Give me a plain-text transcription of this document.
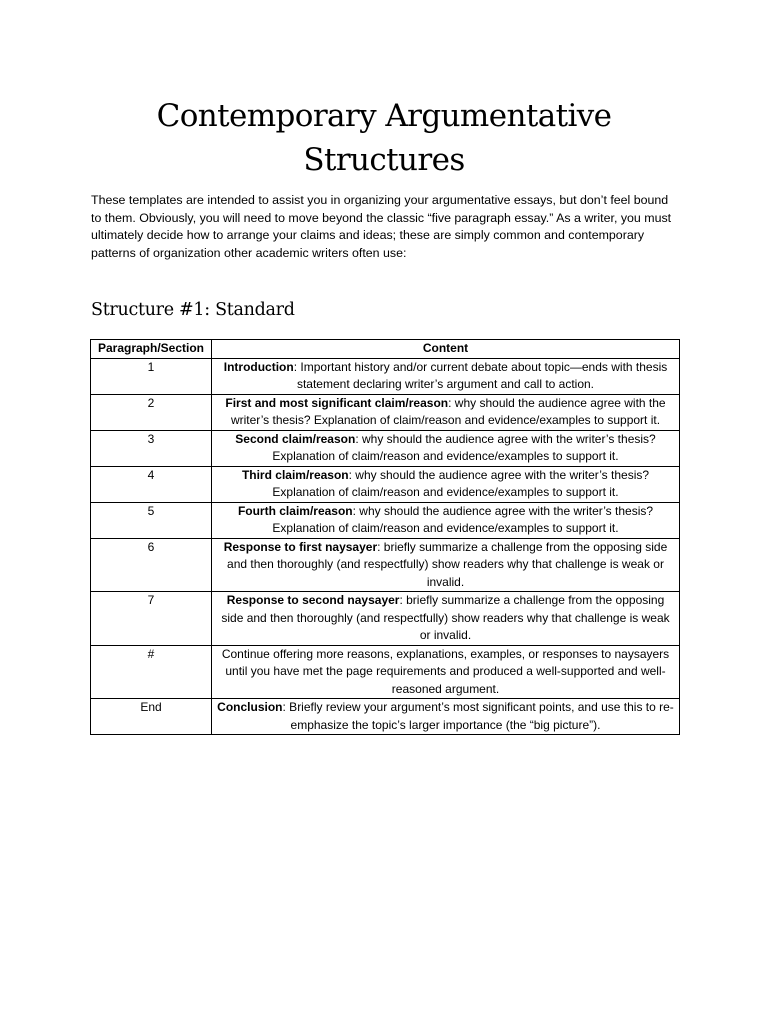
Contemporary Argumentative
Structures

These templates are intended to assist you in organizing your argumentative essays, but don’t feel bound to them. Obviously, you will need to move beyond the classic “five paragraph essay.” As a writer, you must ultimately decide how to arrange your claims and ideas; these are simply common and contemporary patterns of organization other academic writers often use:

Structure #1: Standard
Paragraph/Section	Content
1	Introduction: Important history and/or current debate about topic—ends with thesis statement declaring writer’s argument and call to action.
2	First and most significant claim/reason: why should the audience agree with the writer’s thesis? Explanation of claim/reason and evidence/examples to support it.
3	Second claim/reason: why should the audience agree with the writer’s thesis? Explanation of claim/reason and evidence/examples to support it.
4	Third claim/reason: why should the audience agree with the writer’s thesis? Explanation of claim/reason and evidence/examples to support it.
5	Fourth claim/reason: why should the audience agree with the writer’s thesis? Explanation of claim/reason and evidence/examples to support it.
6	Response to first naysayer: briefly summarize a challenge from the opposing side and then thoroughly (and respectfully) show readers why that challenge is weak or invalid.
7	Response to second naysayer: briefly summarize a challenge from the opposing side and then thoroughly (and respectfully) show readers why that challenge is weak or invalid.
#	Continue offering more reasons, explanations, examples, or responses to naysayers until you have met the page requirements and produced a well-supported and well-reasoned argument.
End	Conclusion: Briefly review your argument’s most significant points, and use this to re-emphasize the topic’s larger importance (the “big picture”).
